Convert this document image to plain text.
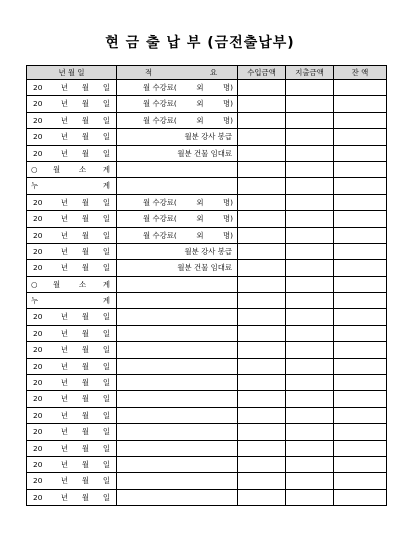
현 금 출 납 부 (금전출납부)
년 월 일	적 요	수입금액	지출금액	잔 액

20 년 월 일	월 수강료( 외 명)			

20 년 월 일	월 수강료( 외 명)			

20 년 월 일	월 수강료( 외 명)			

20 년 월 일	월분 강사 봉급			

20 년 월 일	월분 건물 임대료			

○ 월 소 계				

누 계				

20 년 월 일	월 수강료( 외 명)			

20 년 월 일	월 수강료( 외 명)			

20 년 월 일	월 수강료( 외 명)			

20 년 월 일	월분 강사 봉급			

20 년 월 일	월분 건물 임대료			

○ 월 소 계				

누 계				

20 년 월 일				

20 년 월 일				

20 년 월 일				

20 년 월 일				

20 년 월 일				

20 년 월 일				

20 년 월 일				

20 년 월 일				

20 년 월 일				

20 년 월 일				

20 년 월 일				

20 년 월 일				
